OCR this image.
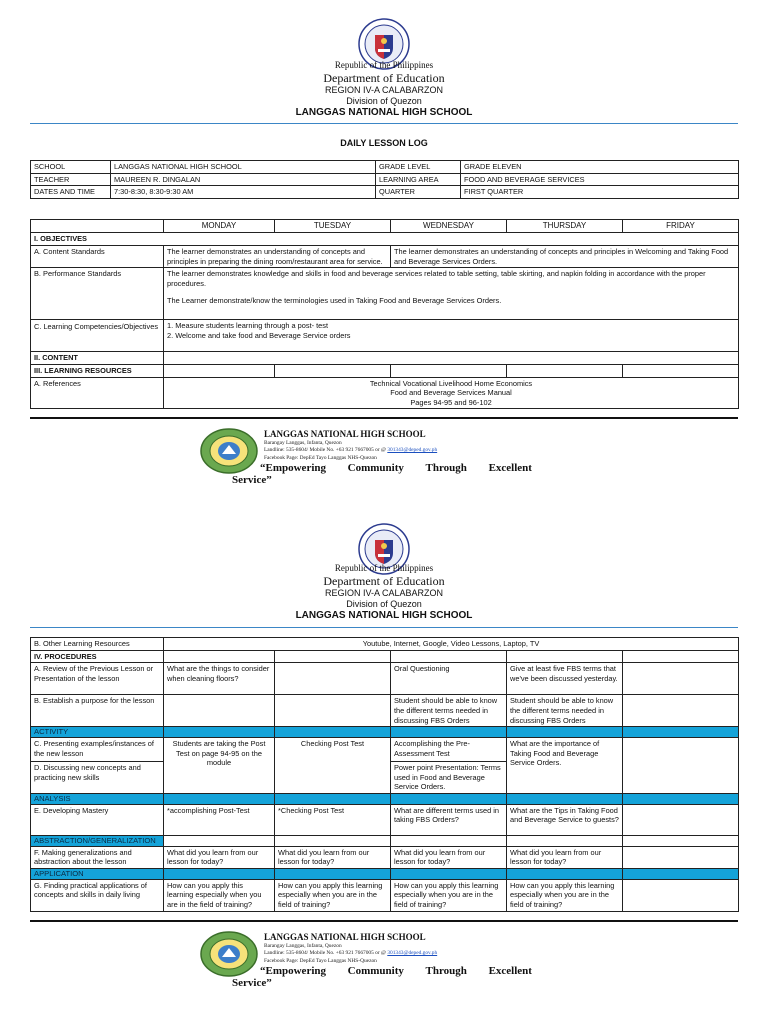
Republic of the Philippines
Department of Education
REGION IV-A CALABARZON
Division of Quezon
LANGGAS NATIONAL HIGH SCHOOL
DAILY LESSON LOG
SCHOOL	LANGGAS NATIONAL HIGH SCHOOL	GRADE LEVEL	GRADE ELEVEN
TEACHER	MAUREEN R. DINGALAN	LEARNING AREA	FOOD AND BEVERAGE SERVICES
DATES AND TIME	7:30-8:30, 8:30-9:30 AM	QUARTER	FIRST QUARTER
	MONDAY	TUESDAY	WEDNESDAY	THURSDAY	FRIDAY
I. OBJECTIVES					
A. Content Standards	The learner demonstrates an understanding of concepts and principles in preparing the dining room/restaurant area for service.		The learner demonstrates an understanding of concepts and principles in Welcoming and Taking Food and Beverage Services Orders.		
B. Performance Standards	The learner demonstrates knowledge and skills in food and beverage services related to table setting, table skirting, and napkin folding in accordance with the proper procedures.
The Learner demonstrate/know the terminologies used in Taking Food and Beverage Services Orders.				

C. Learning Competencies/Objectives	1. Measure students learning through a post- test
2. Welcome and take food and Beverage Service orders				

II. CONTENT					
III. LEARNING RESOURCES					
A. References	Technical Vocational Livelihood Home Economics
Food and Beverage Services Manual
Pages 94-95 and 96-102				
LANGGAS NATIONAL HIGH SCHOOL
Barangay Langgas, Infanta, Quezon
Landline: 535-8604/ Mobile No. +63 921 7667005 or @ 301343@deped.gov.ph
Facebook Page: DepEd Tayo Langgas NHS-Quezon
“Empowering Community Through Excellent
Service”
Republic of the Philippines
Department of Education
REGION IV-A CALABARZON
Division of Quezon
LANGGAS NATIONAL HIGH SCHOOL
B. Other Learning Resources	Youtube, Internet, Google, Video Lessons, Laptop, TV				
IV. PROCEDURES					
A. Review of the Previous Lesson or Presentation of the lesson	What are the things to consider when cleaning floors?		Oral Questioning	Give at least five FBS terms that we've been discussed yesterday.	
B. Establish a purpose for the lesson			Student should be able to know the different terms needed in discussing FBS Orders	Student should be able to know the different terms needed in discussing FBS Orders	
ACTIVITY					
C. Presenting examples/instances of the new lesson	Students are taking the Post Test on page 94-95 on the module	Checking Post Test	Accomplishing the Pre-Assessment Test	What are the importance of Taking Food and Beverage Service Orders.	
D. Discussing new concepts and practicing new skills			Power point Presentation: Terms used in Food and Beverage Service Orders.		
ANALYSIS					
E. Developing Mastery	*accomplishing Post-Test	*Checking Post Test	What are different terms used in taking FBS Orders?	What are the Tips in Taking Food and Beverage Service to guests?	
ABSTRACTION/GENERALIZATION					
F. Making generalizations and abstraction about the lesson	What did you learn from our lesson for today?	What did you learn from our lesson for today?	What did you learn from our lesson for today?	What did you learn from our lesson for today?	
APPLICATION					
G. Finding practical applications of concepts and skills in daily living	How can you apply this learning especially when you are in the field of training?	How can you apply this learning especially when you are in the field of training?	How can you apply this learning especially when you are in the field of training?	How can you apply this learning especially when you are in the field of training?	
LANGGAS NATIONAL HIGH SCHOOL
Barangay Langgas, Infanta, Quezon
Landline: 535-8604/ Mobile No. +63 921 7667005 or @ 301343@deped.gov.ph
Facebook Page: DepEd Tayo Langgas NHS-Quezon
“Empowering Community Through Excellent
Service”
